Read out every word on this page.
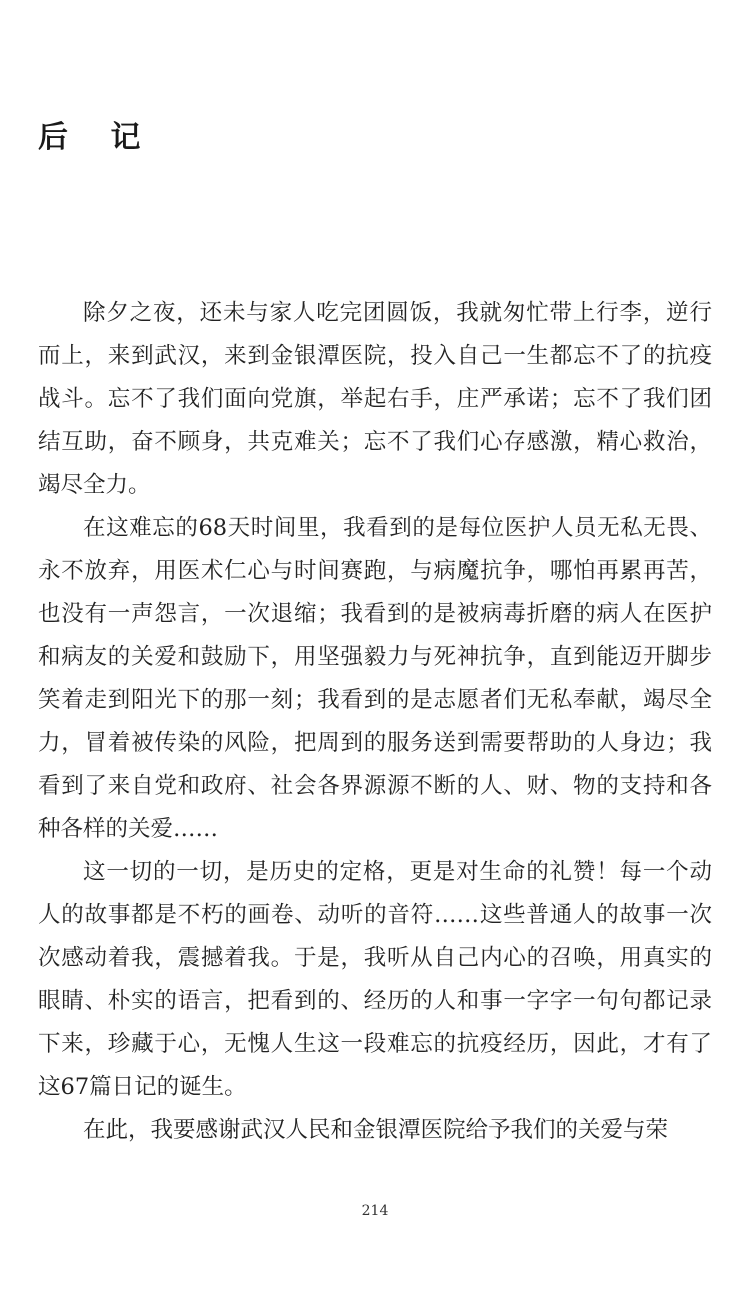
后 记

除夕之夜，还未与家人吃完团圆饭，我就匆忙带上行李，逆行而上，来到武汉，来到金银潭医院，投入自己一生都忘不了的抗疫战斗。忘不了我们面向党旗，举起右手，庄严承诺；忘不了我们团结互助，奋不顾身，共克难关；忘不了我们心存感激，精心救治，竭尽全力。

在这难忘的68天时间里，我看到的是每位医护人员无私无畏、永不放弃，用医术仁心与时间赛跑，与病魔抗争，哪怕再累再苦，也没有一声怨言，一次退缩；我看到的是被病毒折磨的病人在医护和病友的关爱和鼓励下，用坚强毅力与死神抗争，直到能迈开脚步笑着走到阳光下的那一刻；我看到的是志愿者们无私奉献，竭尽全力，冒着被传染的风险，把周到的服务送到需要帮助的人身边；我看到了来自党和政府、社会各界源源不断的人、财、物的支持和各种各样的关爱……

这一切的一切，是历史的定格，更是对生命的礼赞！每一个动人的故事都是不朽的画卷、动听的音符……这些普通人的故事一次次感动着我，震撼着我。于是，我听从自己内心的召唤，用真实的眼睛、朴实的语言，把看到的、经历的人和事一字字一句句都记录下来，珍藏于心，无愧人生这一段难忘的抗疫经历，因此，才有了这67篇日记的诞生。

在此，我要感谢武汉人民和金银潭医院给予我们的关爱与荣

214
